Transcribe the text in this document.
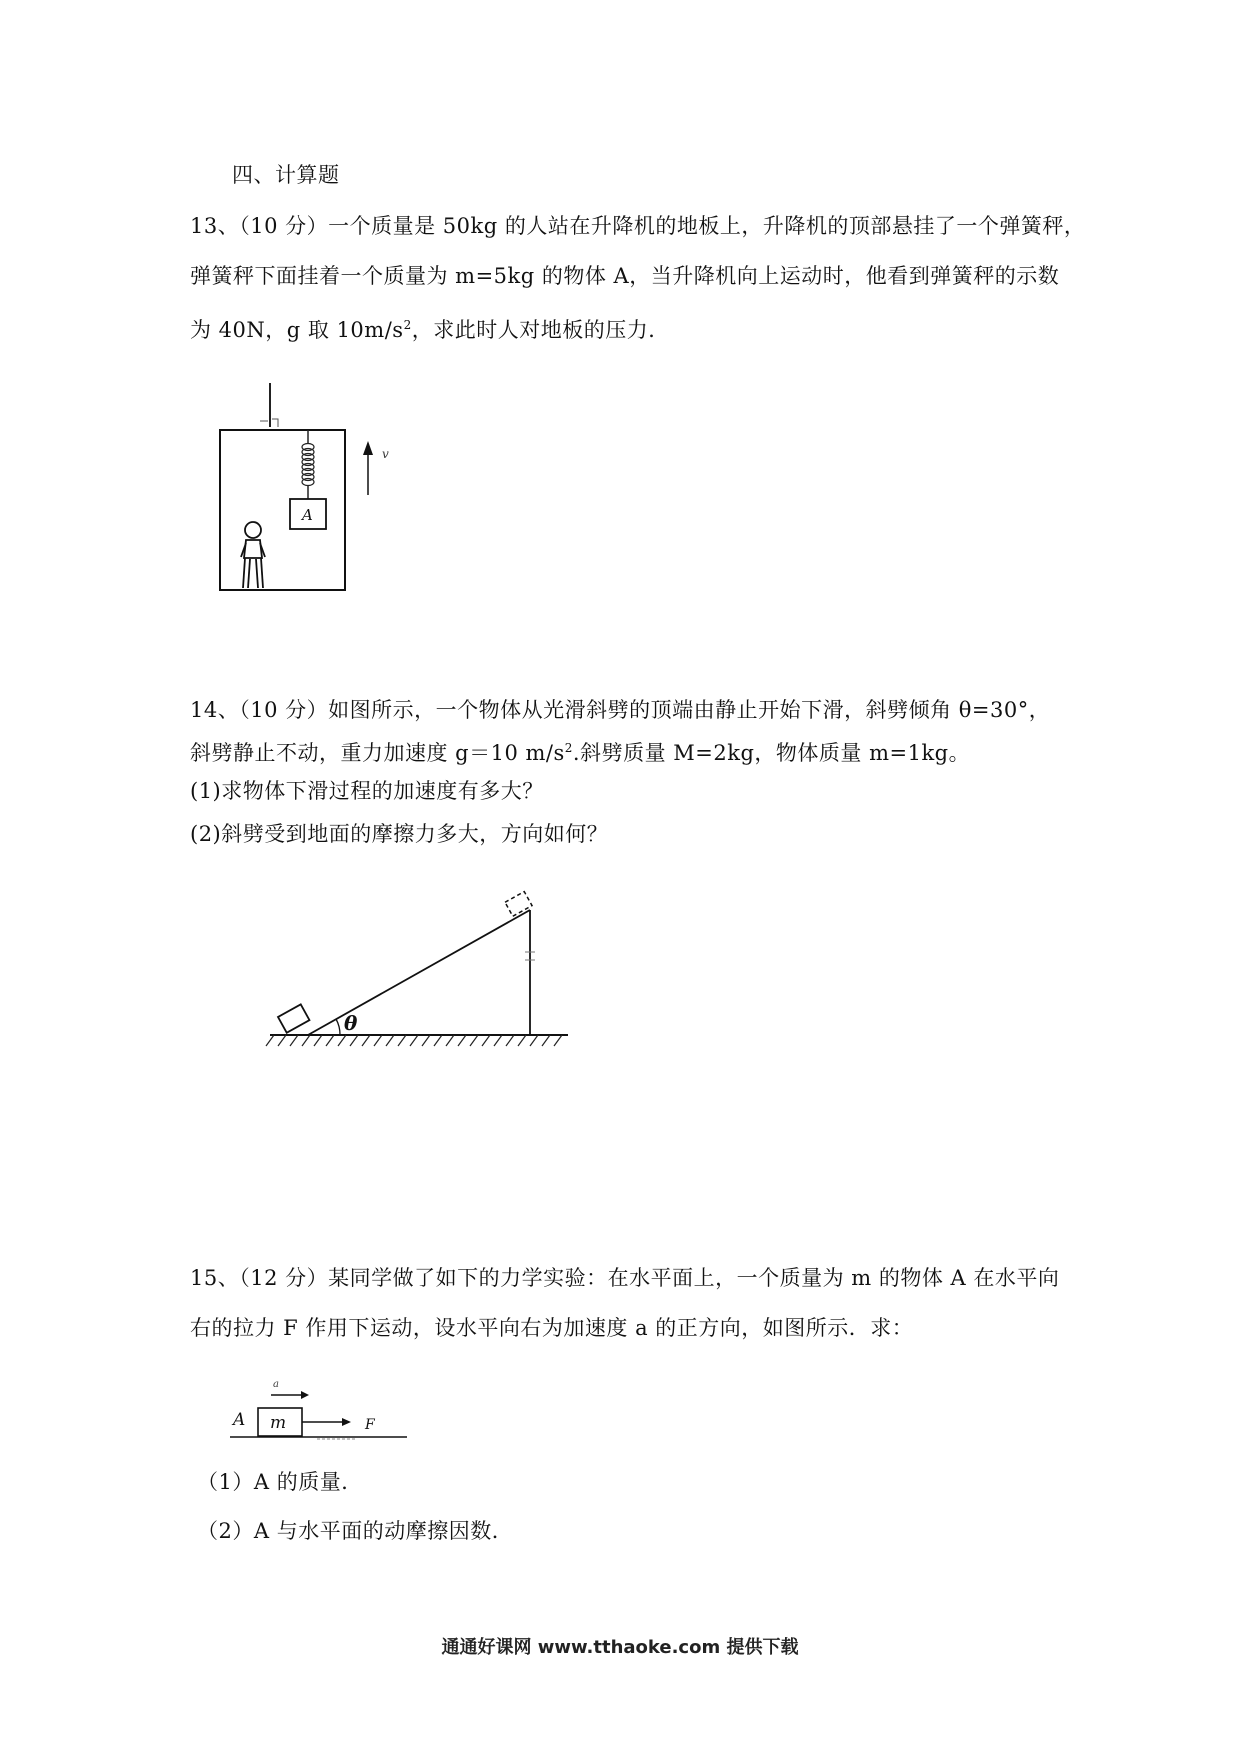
四、计算题
13、（10 分）一个质量是 50kg 的人站在升降机的地板上，升降机的顶部悬挂了一个弹簧秤，
弹簧秤下面挂着一个质量为 m=5kg 的物体 A，当升降机向上运动时，他看到弹簧秤的示数
为 40N，g 取 $10m/s^2$，求此时人对地板的压力．
A
v
14、（10 分）如图所示，一个物体从光滑斜劈的顶端由静止开始下滑，斜劈倾角 θ=30°，
斜劈静止不动，重力加速度 g＝10 $m/s^2$.斜劈质量 M=2kg，物体质量 m=1kg。
(1)求物体下滑过程的加速度有多大？
(2)斜劈受到地面的摩擦力多大，方向如何？
θ
15、（12 分）某同学做了如下的力学实验：在水平面上，一个质量为 m 的物体 A 在水平向
右的拉力 F 作用下运动，设水平向右为加速度 a 的正方向，如图所示．求：
a
A m	F
（1）A 的质量．
（2）A 与水平面的动摩擦因数．
通通好课网 www.tthaoke.com 提供下载
